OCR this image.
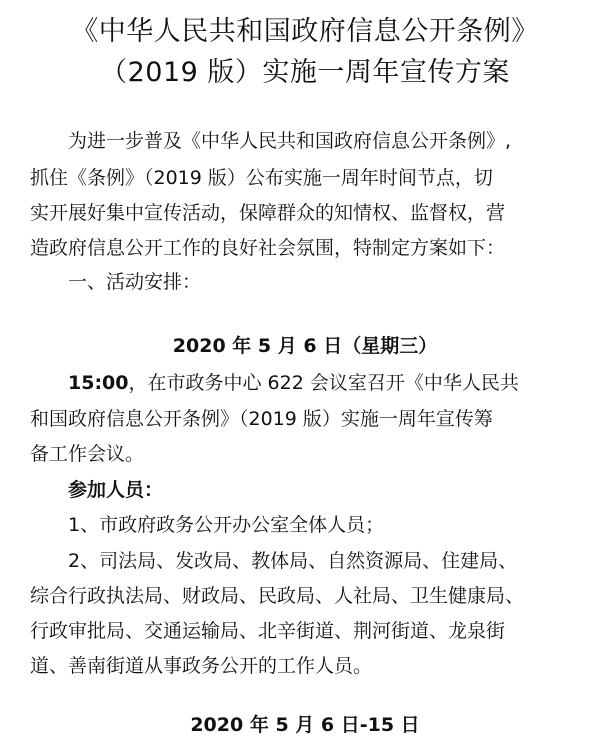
《中华人民共和国政府信息公开条例》
（2019 版）实施一周年宣传方案
为进一步普及《中华人民共和国政府信息公开条例》,
抓住《条例》（2019 版）公布实施一周年时间节点，切
实开展好集中宣传活动，保障群众的知情权、监督权，营
造政府信息公开工作的良好社会氛围，特制定方案如下：
一、活动安排：
2020 年 5 月 6 日（星期三）
15:00，在市政务中心 622 会议室召开《中华人民共
和国政府信息公开条例》（2019 版）实施一周年宣传筹
备工作会议。
参加人员：
1、市政府政务公开办公室全体人员；
2、司法局、发改局、教体局、自然资源局、住建局、
综合行政执法局、财政局、民政局、人社局、卫生健康局、
行政审批局、交通运输局、北辛街道、荆河街道、龙泉街
道、善南街道从事政务公开的工作人员。
2020 年 5 月 6 日-15 日
